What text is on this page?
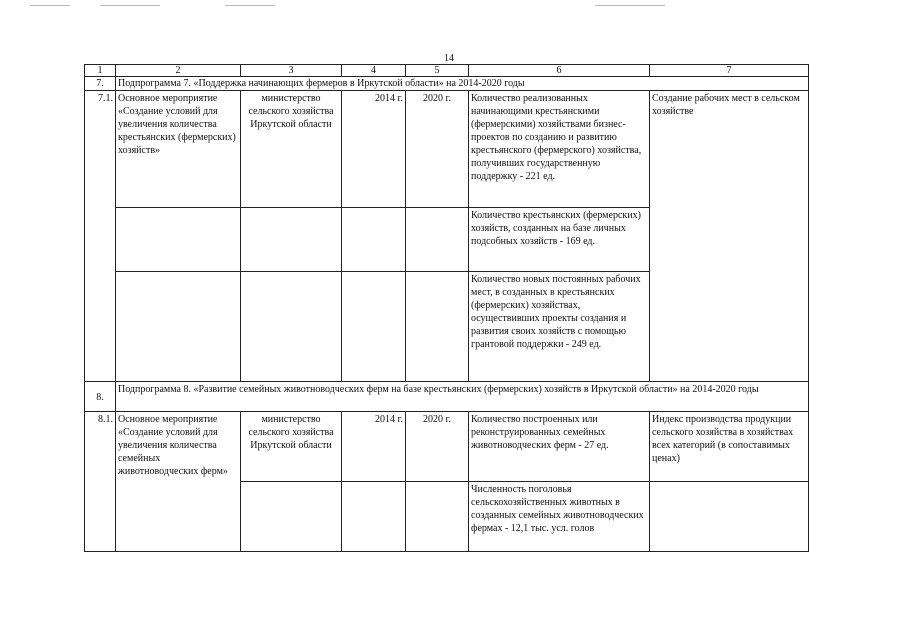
14
1	2	3	4	5	6	7
7.	Подпрограмма 7. «Поддержка начинающих фермеров в Иркутской области» на 2014-2020 годы					
7.1.	Основное мероприятие «Создание условий для увеличения количества крестьянских (фермерских) хозяйств»	министерство сельского хозяйства Иркутской области	2014 г.	2020 г.	Количество реализованных начинающими крестьянскими (фермерскими) хозяйствами бизнес-проектов по созданию и развитию крестьянского (фермерского) хозяйства, получивших государственную поддержку - 221 ед.	Создание рабочих мест в сельском хозяйстве
					Количество крестьянских (фермерских) хозяйств, созданных на базе личных подсобных хозяйств - 169 ед.	
					Количество новых постоянных рабочих мест, в созданных в крестьянских (фермерских) хозяйствах, осуществивших проекты создания и развития своих хозяйств с помощью грантовой поддержки - 249 ед.	
8.	Подпрограмма 8. «Развитие семейных животноводческих ферм на базе крестьянских (фермерских) хозяйств в Иркутской области» на 2014-2020 годы					
8.1.	Основное мероприятие «Создание условий для увеличения количества семейных животноводческих ферм»	министерство сельского хозяйства Иркутской области	2014 г.	2020 г.	Количество построенных или реконструированных семейных животноводческих ферм - 27 ед.	Индекс производства продукции сельского хозяйства в хозяйствах всех категорий (в сопоставимых ценах)
					Численность поголовья сельскохозяйственных животных в созданных семейных животноводческих фермах - 12,1 тыс. усл. голов	
